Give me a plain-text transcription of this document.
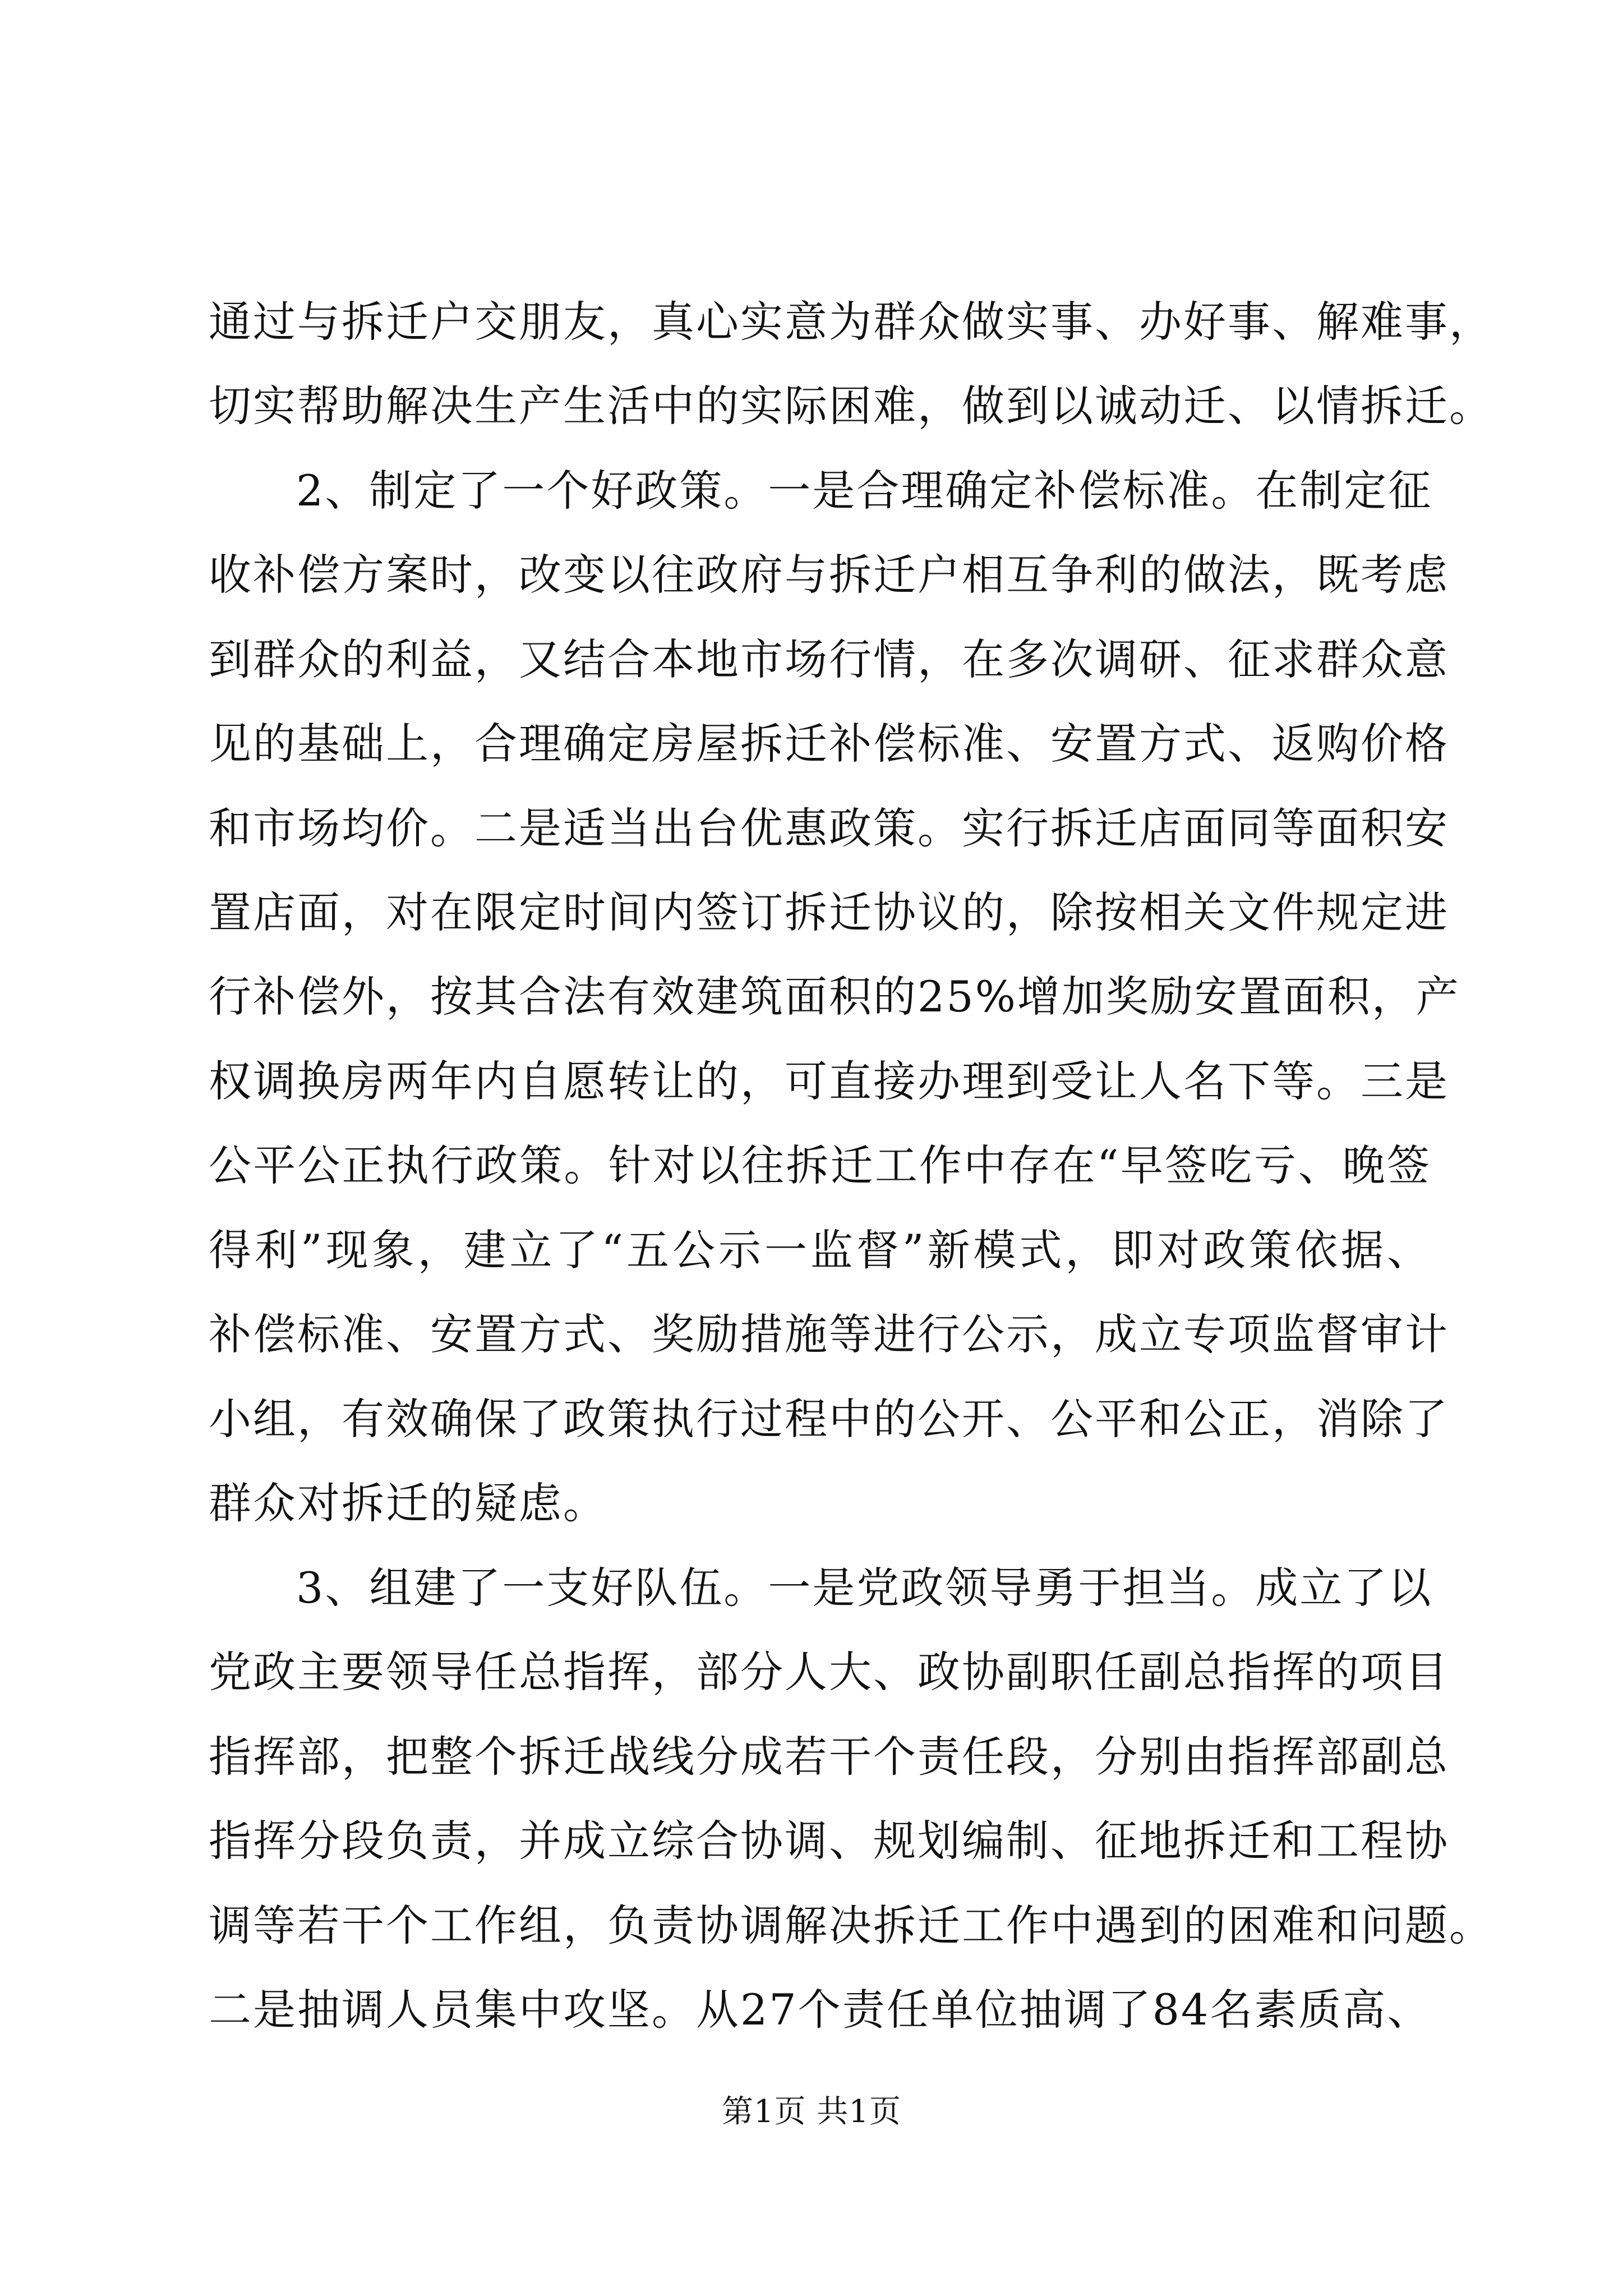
通过与拆迁户交朋友，真心实意为群众做实事、办好事、解难事，
切实帮助解决生产生活中的实际困难，做到以诚动迁、以情拆迁。
2、制定了一个好政策。一是合理确定补偿标准。在制定征
收补偿方案时，改变以往政府与拆迁户相互争利的做法，既考虑
到群众的利益，又结合本地市场行情，在多次调研、征求群众意
见的基础上，合理确定房屋拆迁补偿标准、安置方式、返购价格
和市场均价。二是适当出台优惠政策。实行拆迁店面同等面积安
置店面，对在限定时间内签订拆迁协议的，除按相关文件规定进
行补偿外，按其合法有效建筑面积的25%增加奖励安置面积，产
权调换房两年内自愿转让的，可直接办理到受让人名下等。三是
公平公正执行政策。针对以往拆迁工作中存在“早签吃亏、晚签
得利”现象，建立了“五公示一监督”新模式，即对政策依据、
补偿标准、安置方式、奖励措施等进行公示，成立专项监督审计
小组，有效确保了政策执行过程中的公开、公平和公正，消除了
群众对拆迁的疑虑。
3、组建了一支好队伍。一是党政领导勇于担当。成立了以
党政主要领导任总指挥，部分人大、政协副职任副总指挥的项目
指挥部，把整个拆迁战线分成若干个责任段，分别由指挥部副总
指挥分段负责，并成立综合协调、规划编制、征地拆迁和工程协
调等若干个工作组，负责协调解决拆迁工作中遇到的困难和问题。
二是抽调人员集中攻坚。从27个责任单位抽调了84名素质高、
第1页 共1页
